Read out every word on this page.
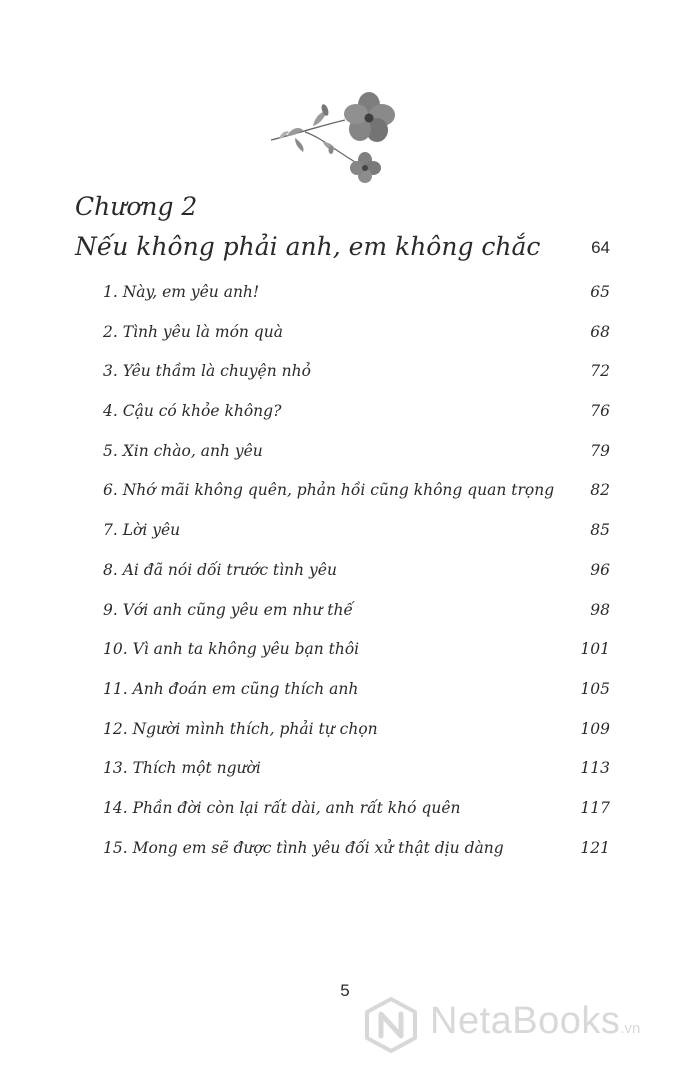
Chương 2
Nếu không phải anh, em không chắc	64
1. Này, em yêu anh!	65
2. Tình yêu là món quà	68
3. Yêu thầm là chuyện nhỏ	72
4. Cậu có khỏe không?	76
5. Xin chào, anh yêu	79
6. Nhớ mãi không quên, phản hồi cũng không quan trọng 82
7. Lời yêu	85
8. Ai đã nói dối trước tình yêu	96
9. Với anh cũng yêu em như thế	98
10. Vì anh ta không yêu bạn thôi	101
11. Anh đoán em cũng thích anh	105
12. Người mình thích, phải tự chọn	109
13. Thích một người	113
14. Phần đời còn lại rất dài, anh rất khó quên	117
15. Mong em sẽ được tình yêu đối xử thật dịu dàng	121
5
NetaBooks.vn
